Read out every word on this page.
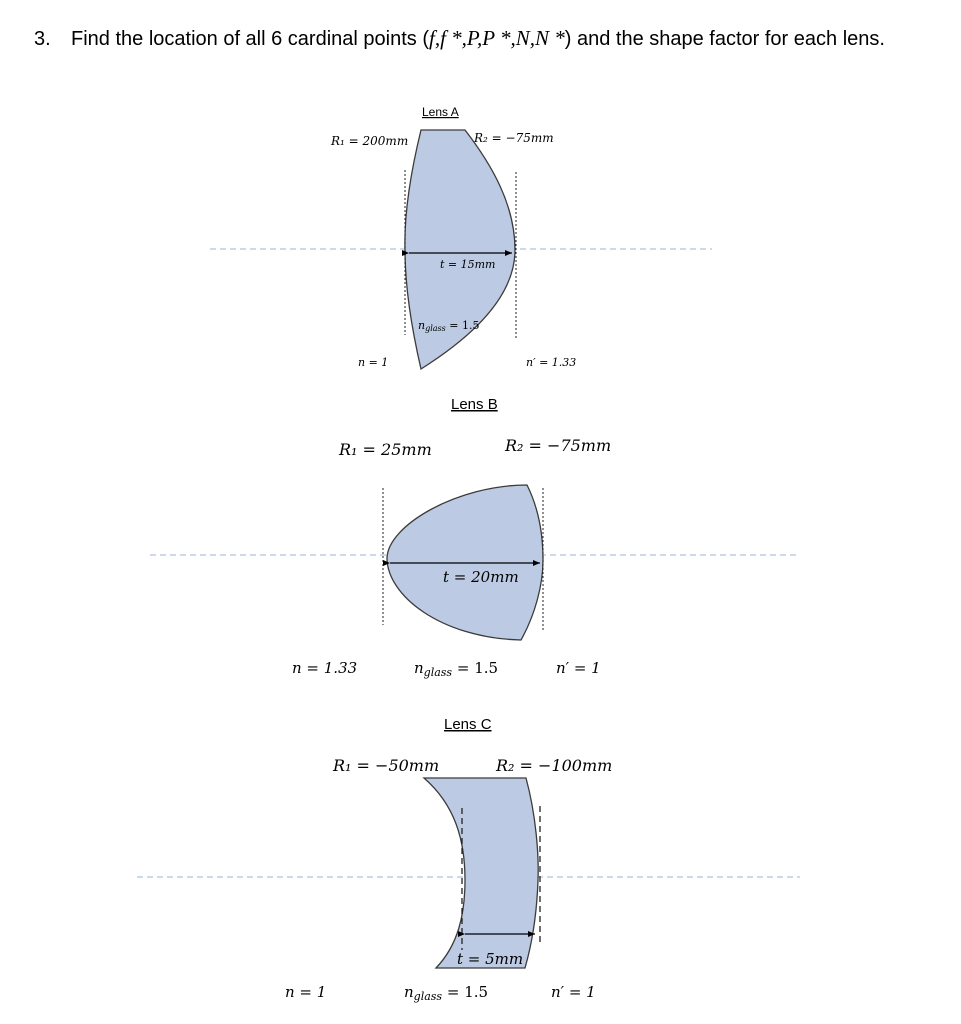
3. Find the location of all 6 cardinal points (f,f *,P,P *,N,N *) and the shape factor for each lens.
Lens A
R₁ = 200mm	R₂ = −75mm
t = 15mm
nglass = 1.5
n = 1	n′ = 1.33
Lens B
R₁ = 25mm	R₂ = −75mm
t = 20mm
n = 1.33	$n_{glass} = 1.5$	n′ = 1
Lens C
R₁ = −50mm	R₂ = −100mm
t = 5mm
n = 1	$n_{glass} = 1.5$	n′ = 1
